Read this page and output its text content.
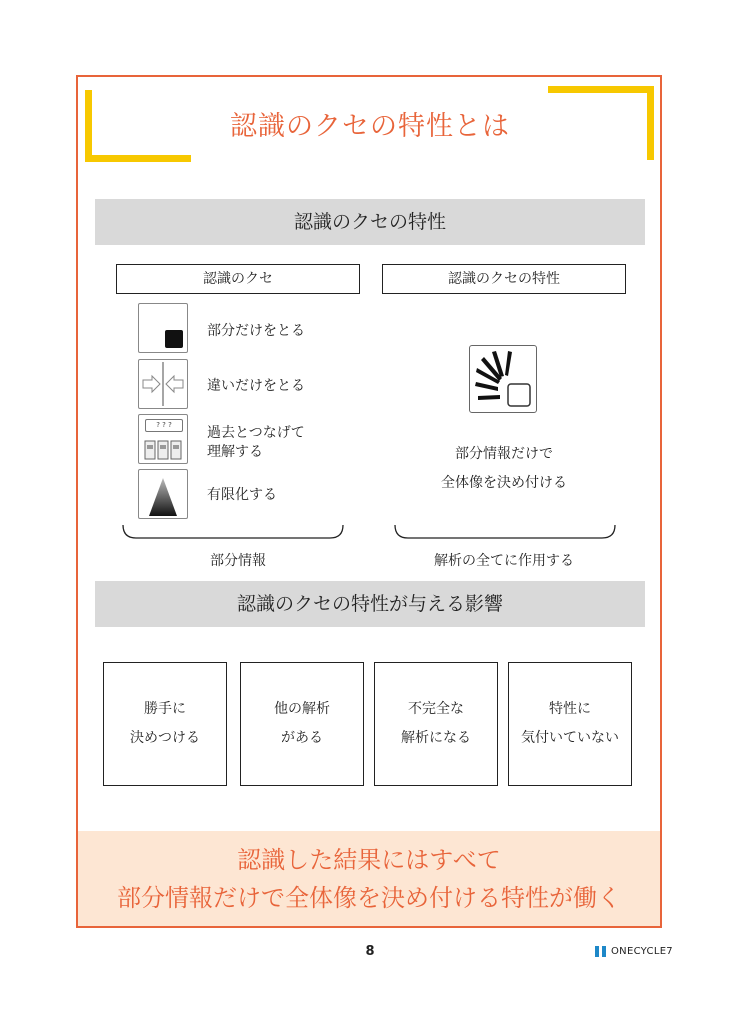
認識のクセの特性とは
認識のクセの特性
認識のクセ	認識のクセの特性
部分だけをとる
違いだけをとる
? ? ?	過去とつなげて
理解する
有限化する
部分情報だけで
全体像を決め付ける
部分情報	解析の全てに作用する
認識のクセの特性が与える影響
勝手に
決めつける
他の解析
がある
不完全な
解析になる
特性に
気付いていない
認識した結果にはすべて
部分情報だけで全体像を決め付ける特性が働く
8	ONECYCLE7
